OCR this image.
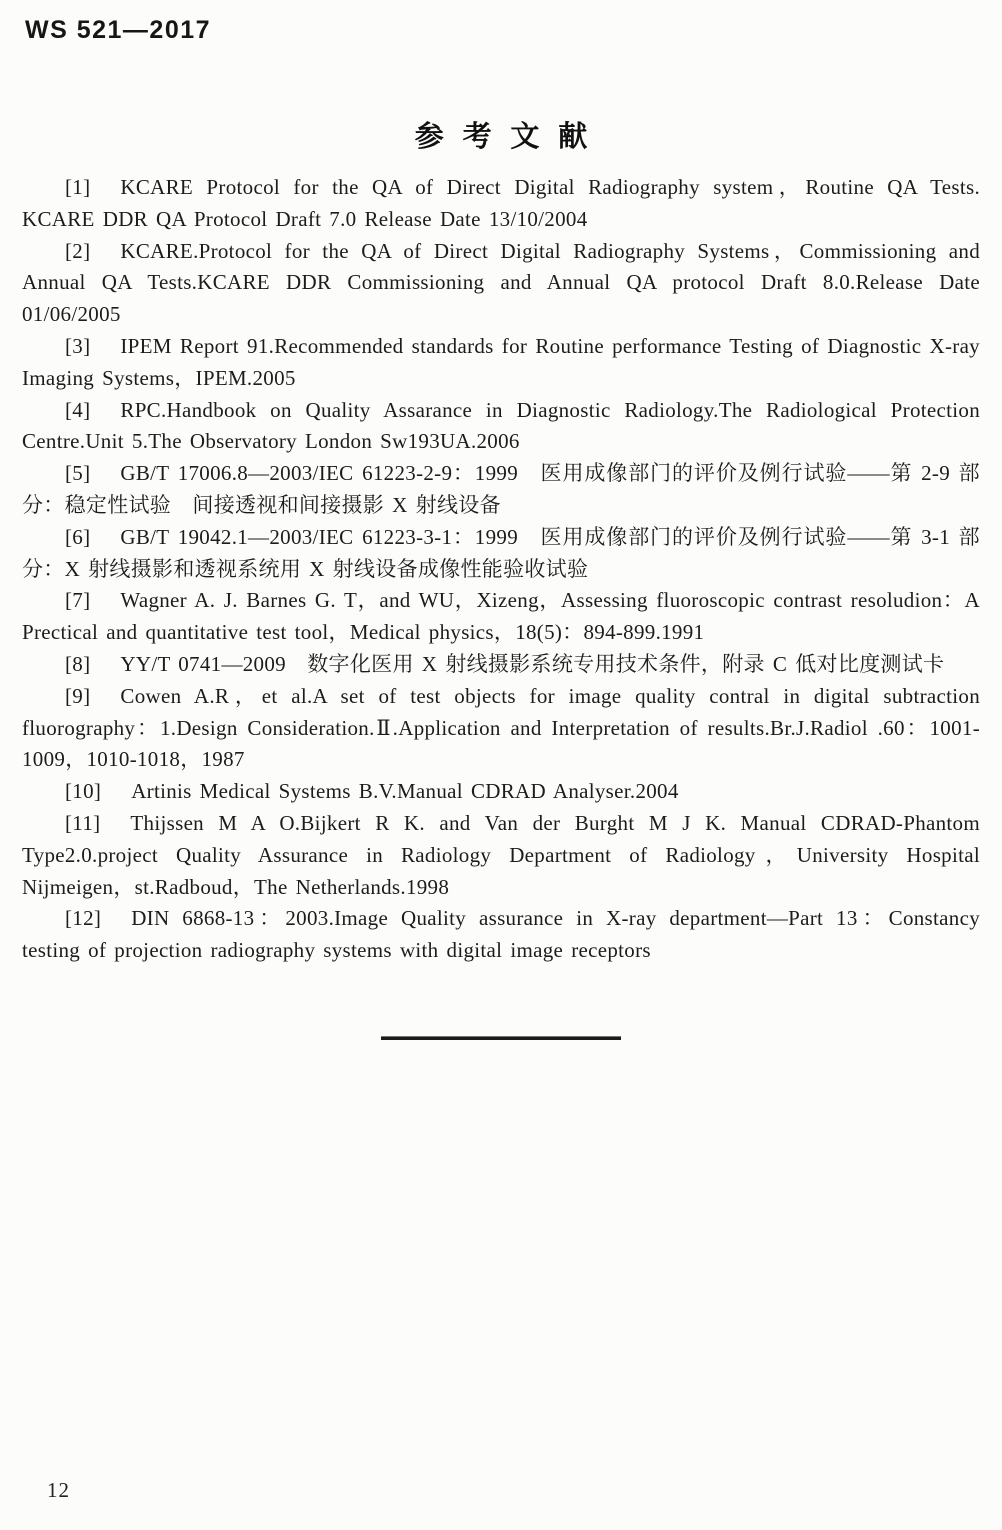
WS 521—2017
参考文献

[1] KCARE Protocol for the QA of Direct Digital Radiography system，Routine QA Tests. KCARE DDR QA Protocol Draft 7.0 Release Date 13/10/2004

[2] KCARE.Protocol for the QA of Direct Digital Radiography Systems，Commissioning and Annual QA Tests.KCARE DDR Commissioning and Annual QA protocol Draft 8.0.Release Date 01/06/2005

[3] IPEM Report 91.Recommended standards for Routine performance Testing of Diagnostic X-ray Imaging Systems，IPEM.2005

[4] RPC.Handbook on Quality Assarance in Diagnostic Radiology.The Radiological Protection Centre.Unit 5.The Observatory London Sw193UA.2006

[5] GB/T 17006.8—2003/IEC 61223-2-9：1999　医用成像部门的评价及例行试验——第 2-9 部分：稳定性试验　间接透视和间接摄影 X 射线设备

[6] GB/T 19042.1—2003/IEC 61223-3-1：1999　医用成像部门的评价及例行试验——第 3-1 部分：X 射线摄影和透视系统用 X 射线设备成像性能验收试验

[7] Wagner A. J. Barnes G. T，and WU，Xizeng，Assessing fluoroscopic contrast resoludion：A Prectical and quantitative test tool，Medical physics，18(5)：894-899.1991

[8] YY/T 0741—2009　数字化医用 X 射线摄影系统专用技术条件，附录 C 低对比度测试卡

[9] Cowen A.R，et al.A set of test objects for image quality contral in digital subtraction fluorography：1.Design Consideration.Ⅱ.Application and Interpretation of results.Br.J.Radiol .60：1001-1009，1010-1018，1987

[10] Artinis Medical Systems B.V.Manual CDRAD Analyser.2004

[11] Thijssen M A O.Bijkert R K. and Van der Burght M J K. Manual CDRAD-Phantom Type2.0.project Quality Assurance in Radiology Department of Radiology，University Hospital Nijmeigen，st.Radboud，The Netherlands.1998

[12] DIN 6868-13：2003.Image Quality assurance in X-ray department—Part 13：Constancy testing of projection radiography systems with digital image receptors

12
